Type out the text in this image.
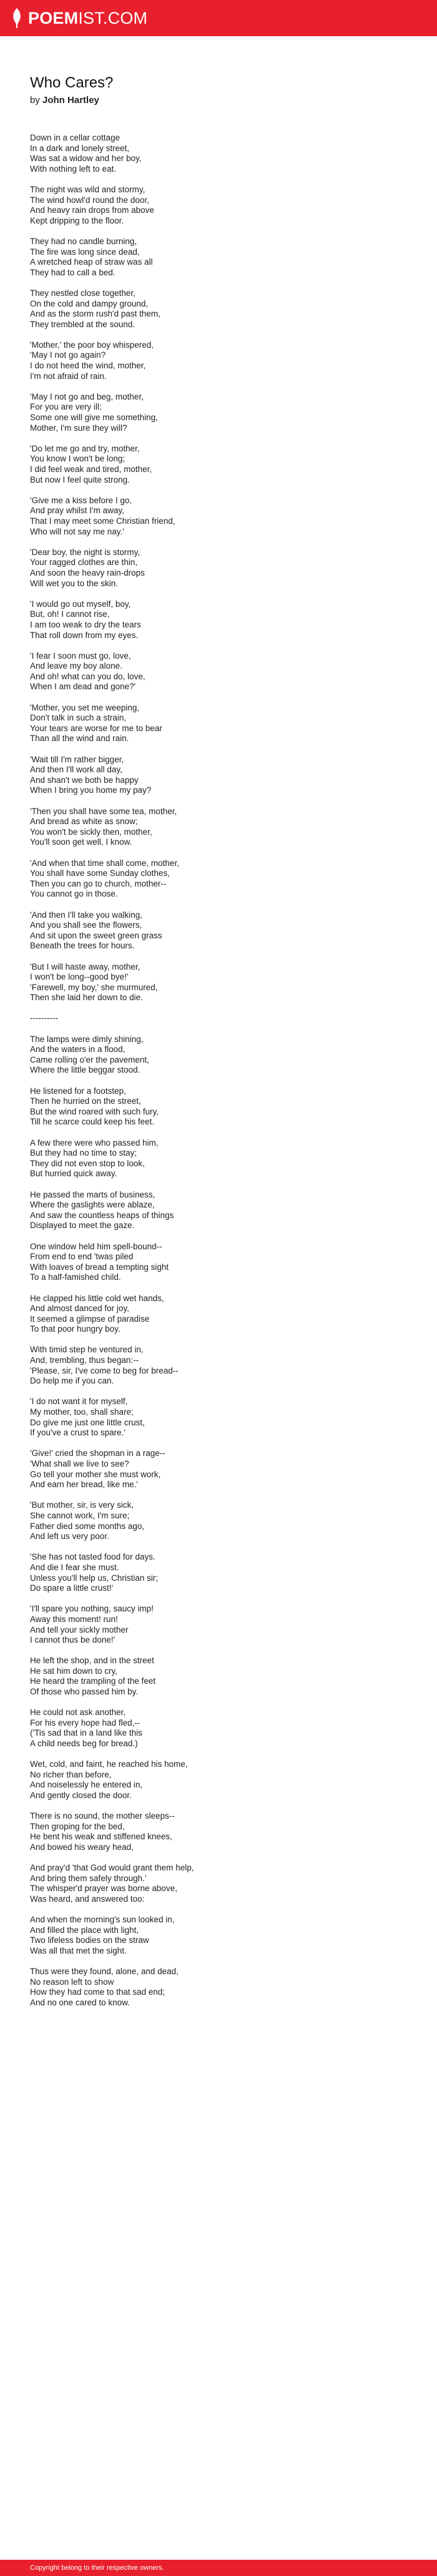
POEMIST.COM
Who Cares?
by John Hartley

Down in a cellar cottage
In a dark and lonely street,
Was sat a widow and her boy,
With nothing left to eat.

The night was wild and stormy,
The wind howl'd round the door,
And heavy rain drops from above
Kept dripping to the floor.

They had no candle burning,
The fire was long since dead,
A wretched heap of straw was all
They had to call a bed.

They nestled close together,
On the cold and dampy ground,
And as the storm rush'd past them,
They trembled at the sound.

'Mother,' the poor boy whispered,
'May I not go again?
I do not heed the wind, mother,
I'm not afraid of rain.

'May I not go and beg, mother,
For you are very ill;
Some one will give me something,
Mother, I'm sure they will?

'Do let me go and try, mother,
You know I won't be long;
I did feel weak and tired, mother,
But now I feel quite strong.

'Give me a kiss before I go,
And pray whilst I'm away,
That I may meet some Christian friend,
Who will not say me nay.'

'Dear boy, the night is stormy,
Your ragged clothes are thin,
And soon the heavy rain-drops
Will wet you to the skin.

'I would go out myself, boy,
But, oh! I cannot rise,
I am too weak to dry the tears
That roll down from my eyes.

'I fear I soon must go, love,
And leave my boy alone.
And oh! what can you do, love,
When I am dead and gone?'

'Mother, you set me weeping,
Don't talk in such a strain,
Your tears are worse for me to bear
Than all the wind and rain.

'Wait till I'm rather bigger,
And then I'll work all day,
And shan't we both be happy
When I bring you home my pay?

'Then you shall have some tea, mother,
And bread as white as snow;
You won't be sickly then, mother,
You'll soon get well, I know.

'And when that time shall come, mother,
You shall have some Sunday clothes,
Then you can go to church, mother--
You cannot go in those.

'And then I'll take you walking,
And you shall see the flowers,
And sit upon the sweet green grass
Beneath the trees for hours.

'But I will haste away, mother,
I won't be long--good bye!'
'Farewell, my boy,' she murmured,
Then she laid her down to die.

----------

The lamps were dimly shining,
And the waters in a flood,
Came rolling o'er the pavement,
Where the little beggar stood.

He listened for a footstep,
Then he hurried on the street,
But the wind roared with such fury,
Till he scarce could keep his feet.

A few there were who passed him,
But they had no time to stay;
They did not even stop to look,
But hurried quick away.

He passed the marts of business,
Where the gaslights were ablaze,
And saw the countless heaps of things
Displayed to meet the gaze.

One window held him spell-bound--
From end to end 'twas piled
With loaves of bread a tempting sight
To a half-famished child.

He clapped his little cold wet hands,
And almost danced for joy,
It seemed a glimpse of paradise
To that poor hungry boy.

With timid step he ventured in,
And, trembling, thus began:--
'Please, sir, I've come to beg for bread--
Do help me if you can.

'I do not want it for myself,
My mother, too, shall share;
Do give me just one little crust,
If you've a crust to spare.'

'Give!' cried the shopman in a rage--
'What shall we live to see?
Go tell your mother she must work,
And earn her bread, like me.'

'But mother, sir, is very sick,
She cannot work, I'm sure;
Father died some months ago,
And left us very poor.

'She has not tasted food for days.
And die I fear she must.
Unless you'll help us, Christian sir;
Do spare a little crust!'

'I'll spare you nothing, saucy imp!
Away this moment! run!
And tell your sickly mother
I cannot thus be done!'

He left the shop, and in the street
He sat him down to cry,
He heard the trampling of the feet
Of those who passed him by.

He could not ask another,
For his every hope had fled,--
('Tis sad that in a land like this
A child needs beg for bread.)

Wet, cold, and faint, he reached his home,
No richer than before,
And noiselessly he entered in,
And gently closed the door.

There is no sound, the mother sleeps--
Then groping for the bed,
He bent his weak and stiffened knees,
And bowed his weary head,

And pray'd 'that God would grant them help,
And bring them safely through.'
The whisper'd prayer was borne above,
Was heard, and answered too:

And when the morning's sun looked in,
And filled the place with light,
Two lifeless bodies on the straw
Was all that met the sight.

Thus were they found, alone, and dead,
No reason left to show
How they had come to that sad end;
And no one cared to know.

Copyright belong to their respective owners.
